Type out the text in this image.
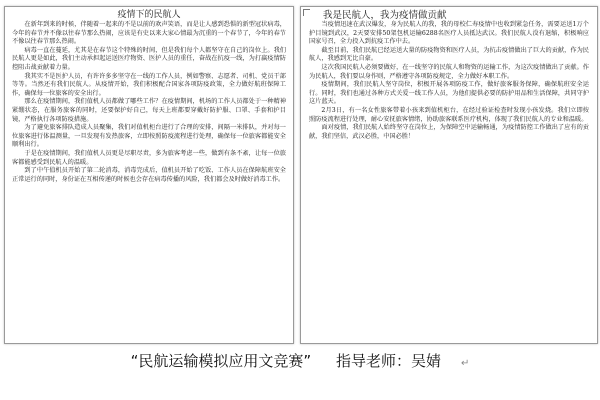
疫情下的民航人
在新年到来的时候，伴随着一起来的不是以前的欢声笑语，而是让人感到恐惧的新型冠状病毒，今年的春节并不像以往春节那么热闹，应该是有史以来大家心情最为沉重的一个春节了，今年的春节不像以往春节那么热闹。
病毒一直在蔓延，尤其是在春节这个特殊的时间，但是我们每个人都坚守在自己的岗位上。我们民航人更是如此，我们主动承担起运送医疗物资、医护人员的重任，奋战在抗疫一线，为打赢疫情防控阻击战贡献着力量。
我其实不是医护人员，有许许多多坚守在一线的工作人员，例如警察、志愿者、司机、党员干部等等。当然还有我们民航人。从疫情开始，我们积极配合国家各项防疫政策，全力做好航班保障工作，确保每一位旅客的安全出行。
那么在疫情期间，我们值机人员都做了哪些工作？在疫情期间，机场的工作人员都处于一种精神紧绷状态，在服务旅客的同时，还要保护好自己，每天上班都要穿戴好防护服、口罩、手套和护目镜，严格执行各项防疫措施。
为了避免旅客排队造成人员聚集，我们对值机柜台进行了合理的安排，间隔一米排队，并对每一位旅客进行体温测量，一旦发现有发热旅客，立即按照防疫流程进行处理，确保每一位旅客都能安全顺利出行。
于是在疫情期间，我们值机人员更是尽职尽责，多为旅客考虑一些，做到有条不紊，让每一位旅客都能感受到民航人的温暖。
到了中午值机员开始了第二轮消毒，消毒完成后，值机员开始了吃饭、工作人员在保障航班安全正常运行的同时，身份证在互相传递的时候也会存在病毒传播的风险，我们都会及时做好消毒工作。
我是民航人，我为疫情做贡献
当疫情迅速在武汉爆发，身为民航人的我，我的母校仁寿疫情中也收到紧急任务，需要运送1万个护目镜到武汉，2天要安排50架包机运输6288名医疗人员抵达武汉。我们民航人没有退缩，积极响应国家号召，全力投入到抗疫工作中去。
截至目前，我们民航已经运送大量的防疫物资和医疗人员，为抗击疫情做出了巨大的贡献，作为民航人，我感到无比自豪。
这次我国民航人必须要做好，在一线坚守的民航人和物资的运输工作，为这次疫情做出了贡献。作为民航人，我们要以身作则，严格遵守各项防疫规定，全力做好本职工作。
疫情期间，我们民航人坚守岗位，积极开展各项防疫工作，做好旅客服务保障，确保航班安全运行。同时，我们也通过各种方式关爱一线工作人员，为他们提供必要的防护用品和生活保障，共同守护这片蓝天。
2月3日，有一名女性旅客带着小孩来到值机柜台，在经过验证检查时发现小孩发烧。我们立即按照防疫流程进行处理，耐心安抚旅客情绪，协助旅客联系医疗机构，体现了我们民航人的专业和温暖。
面对疫情，我们民航人始终坚守在岗位上，为保障空中运输畅通，为疫情防控工作做出了应有的贡献，我们坚信，武汉必胜，中国必胜！
“民航运输模拟应用文竞赛” 指导老师：吴婧 ↵
